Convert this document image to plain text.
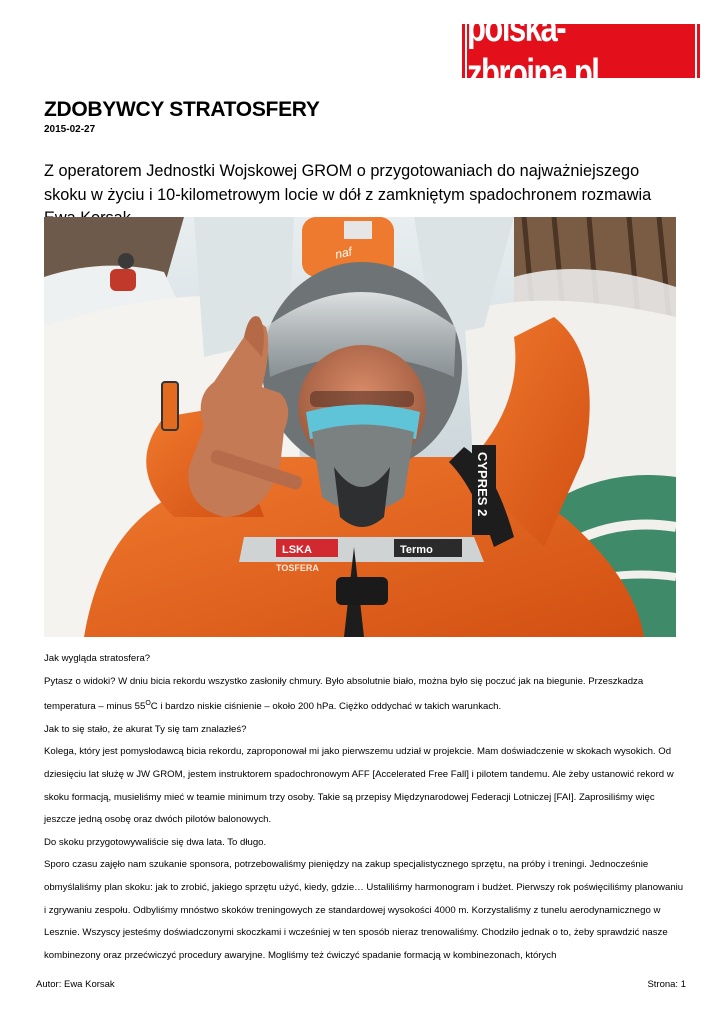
polska-zbrojna.pl
ZDOBYWCY STRATOSFERY
2015-02-27

Z operatorem Jednostki Wojskowej GROM o przygotowaniach do najważniejszego skoku w życiu i 10-kilometrowym locie w dół z zamkniętym spadochronem rozmawia

LSKA
TOSFERA
Termo
CYPRES 2
naf

Jak wygląda stratosfera?

Pytasz o widoki? W dniu bicia rekordu wszystko zasłoniły chmury. Było absolutnie biało, można było się poczuć jak na biegunie. Przeszkadza temperatura – minus $55^OC$ i bardzo niskie ciśnienie – około 200 hPa. Ciężko oddychać w takich warunkach.

Jak to się stało, że akurat Ty się tam znalazłeś?

Kolega, który jest pomysłodawcą bicia rekordu, zaproponował mi jako pierwszemu udział w projekcie. Mam doświadczenie w skokach wysokich. Od dziesięciu lat służę w JW GROM, jestem instruktorem spadochronowym AFF [Accelerated Free Fall] i pilotem tandemu. Ale żeby ustanowić rekord w skoku formacją, musieliśmy mieć w teamie minimum trzy osoby. Takie są przepisy Międzynarodowej Federacji Lotniczej [FAI]. Zaprosiliśmy więc jeszcze jedną osobę oraz dwóch pilotów balonowych.

Do skoku przygotowywaliście się dwa lata. To długo.

Sporo czasu zajęło nam szukanie sponsora, potrzebowaliśmy pieniędzy na zakup specjalistycznego sprzętu, na próby i treningi. Jednocześnie obmyślaliśmy plan skoku: jak to zrobić, jakiego sprzętu użyć, kiedy, gdzie… Ustaliliśmy harmonogram i budżet. Pierwszy rok poświęciliśmy planowaniu i zgrywaniu zespołu. Odbyliśmy mnóstwo skoków treningowych ze standardowej wysokości 4000 m. Korzystaliśmy z tunelu aerodynamicznego w Lesznie. Wszyscy jesteśmy doświadczonymi skoczkami i wcześniej w ten sposób nieraz trenowaliśmy. Chodziło jednak o to, żeby sprawdzić nasze kombinezony oraz przećwiczyć procedury awaryjne. Mogliśmy też ćwiczyć spadanie formacją w kombinezonach, których

Autor: Ewa Korsak	Strona: 1
